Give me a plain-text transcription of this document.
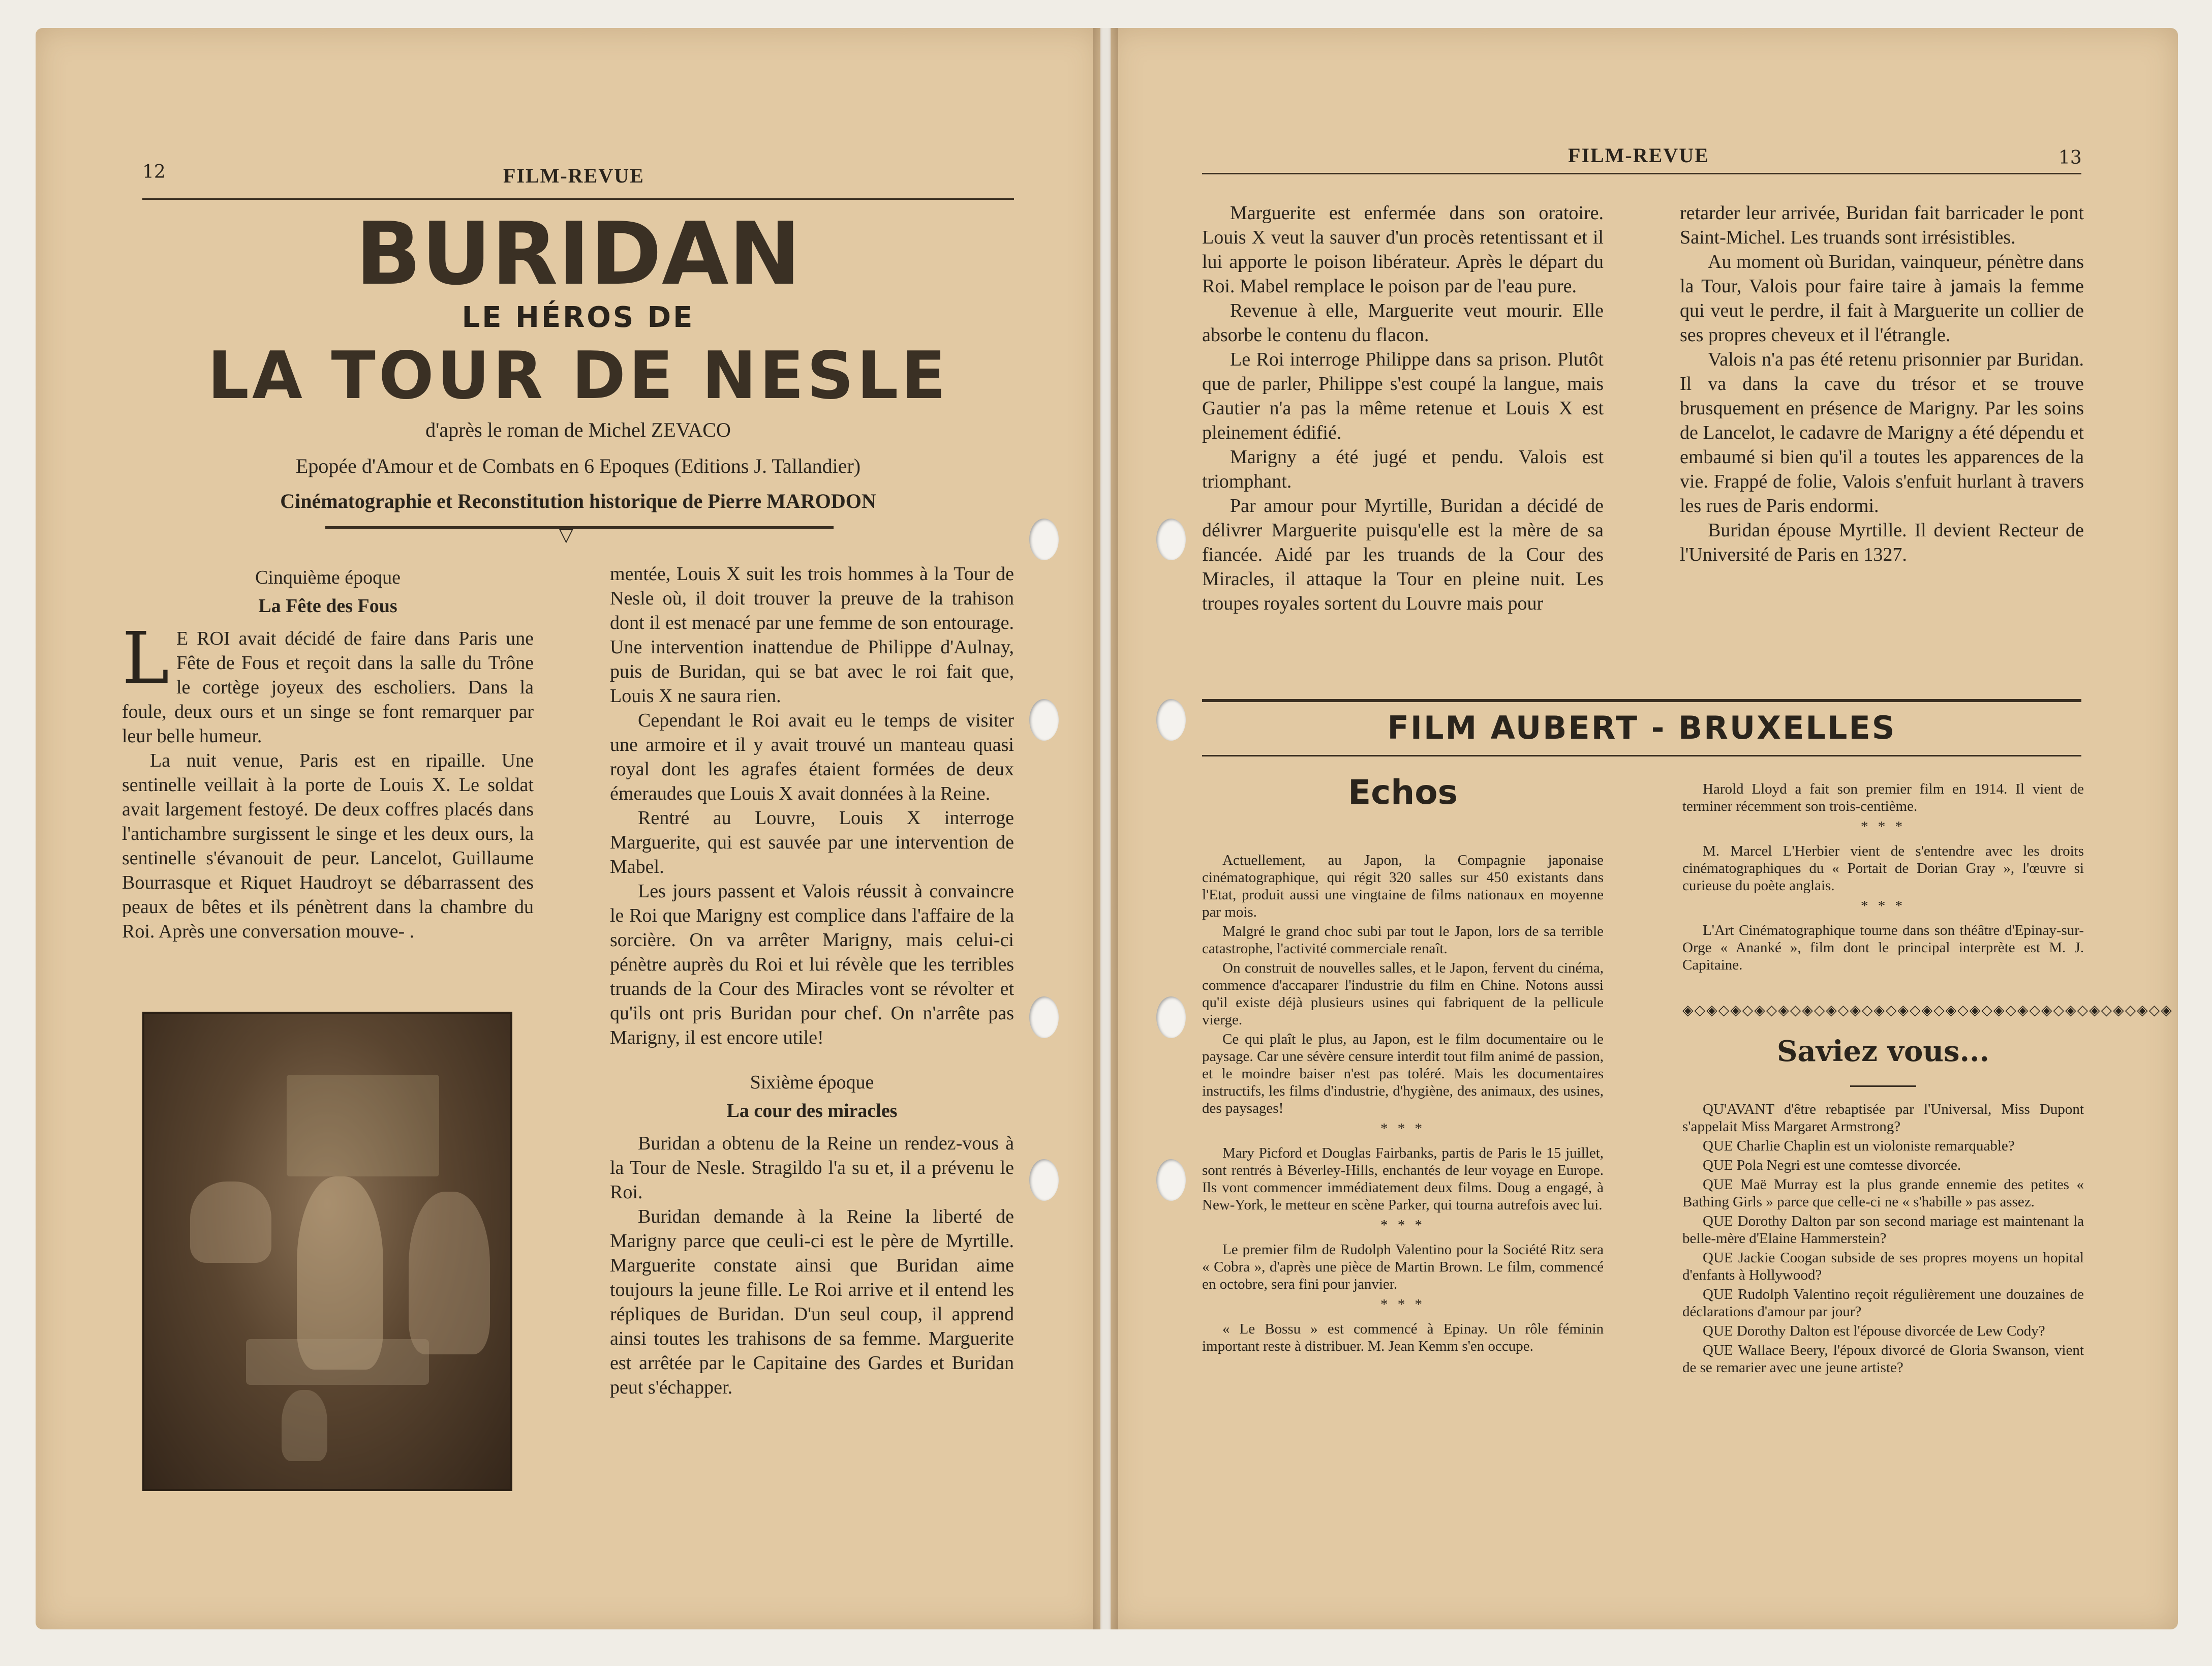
12	FILM-REVUE
BURIDAN
LE HÉROS DE
LA TOUR DE NESLE
d'après le roman de Michel ZEVACO
Epopée d'Amour et de Combats en 6 Epoques (Editions J. Tallandier)
Cinématographie et Reconstitution historique de Pierre MARODON
▽
Cinquième époque
La Fête des Fous
L E ROI avait décidé de faire dans Paris une Fête de Fous et reçoit dans la salle du Trône le cortège joyeux des escholiers. Dans la foule, deux ours et un singe se font remarquer par leur belle humeur.

La nuit venue, Paris est en ripaille. Une sentinelle veillait à la porte de Louis X. Le soldat avait largement festoyé. De deux coffres placés dans l'antichambre surgissent le singe et les deux ours, la sentinelle s'évanouit de peur. Lancelot, Guillaume Bourrasque et Riquet Haudroyt se débarrassent des peaux de bêtes et ils pénètrent dans la chambre du Roi. Après une conversation mouve- .

mentée, Louis X suit les trois hommes à la Tour de Nesle où, il doit trouver la preuve de la trahison dont il est menacé par une femme de son entourage. Une intervention inattendue de Philippe d'Aulnay, puis de Buridan, qui se bat avec le roi fait que, Louis X ne saura rien.

Cependant le Roi avait eu le temps de visiter une armoire et il y avait trouvé un manteau quasi royal dont les agrafes étaient formées de deux émeraudes que Louis X avait données à la Reine.

Rentré au Louvre, Louis X interroge Marguerite, qui est sauvée par une intervention de Mabel.

Les jours passent et Valois réussit à convaincre le Roi que Marigny est complice dans l'affaire de la sorcière. On va arrêter Marigny, mais celui-ci pénètre auprès du Roi et lui révèle que les terribles truands de la Cour des Miracles vont se révolter et qu'ils ont pris Buridan pour chef. On n'arrête pas Marigny, il est encore utile!

Sixième époque
La cour des miracles

Buridan a obtenu de la Reine un rendez-vous à la Tour de Nesle. Stragildo l'a su et, il a prévenu le Roi.

Buridan demande à la Reine la liberté de Marigny parce que ceuli-ci est le père de Myrtille. Marguerite constate ainsi que Buridan aime toujours la jeune fille. Le Roi arrive et il entend les répliques de Buridan. D'un seul coup, il apprend ainsi toutes les trahisons de sa femme. Marguerite est arrêtée par le Capitaine des Gardes et Buridan peut s'échapper.

FILM-REVUE	13

Marguerite est enfermée dans son oratoire. Louis X veut la sauver d'un procès retentissant et il lui apporte le poison libérateur. Après le départ du Roi. Mabel remplace le poison par de l'eau pure.

Revenue à elle, Marguerite veut mourir. Elle absorbe le contenu du flacon.

Le Roi interroge Philippe dans sa prison. Plutôt que de parler, Philippe s'est coupé la langue, mais Gautier n'a pas la même retenue et Louis X est pleinement édifié.

Marigny a été jugé et pendu. Valois est triomphant.

Par amour pour Myrtille, Buridan a décidé de délivrer Marguerite puisqu'elle est la mère de sa fiancée. Aidé par les truands de la Cour des Miracles, il attaque la Tour en pleine nuit. Les troupes royales sortent du Louvre mais pour

retarder leur arrivée, Buridan fait barricader le pont Saint-Michel. Les truands sont irrésistibles.

Au moment où Buridan, vainqueur, pénètre dans la Tour, Valois pour faire taire à jamais la femme qui veut le perdre, il fait à Marguerite un collier de ses propres cheveux et il l'étrangle.

Valois n'a pas été retenu prisonnier par Buridan. Il va dans la cave du trésor et se trouve brusquement en présence de Marigny. Par les soins de Lancelot, le cadavre de Marigny a été dépendu et embaumé si bien qu'il a toutes les apparences de la vie. Frappé de folie, Valois s'enfuit hurlant à travers les rues de Paris endormi.

Buridan épouse Myrtille. Il devient Recteur de l'Université de Paris en 1327.

FILM AUBERT - BRUXELLES
Echos

Actuellement, au Japon, la Compagnie japonaise cinématographique, qui régit 320 salles sur 450 existants dans l'Etat, produit aussi une vingtaine de films nationaux en moyenne par mois.

Malgré le grand choc subi par tout le Japon, lors de sa terrible catastrophe, l'activité commerciale renaît.

On construit de nouvelles salles, et le Japon, fervent du cinéma, commence d'accaparer l'industrie du film en Chine. Notons aussi qu'il existe déjà plusieurs usines qui fabriquent de la pellicule vierge.

Ce qui plaît le plus, au Japon, est le film documentaire ou le paysage. Car une sévère censure interdit tout film animé de passion, et le moindre baiser n'est pas toléré. Mais les documentaires instructifs, les films d'industrie, d'hygiène, des animaux, des usines, des paysages!

* * *

Mary Picford et Douglas Fairbanks, partis de Paris le 15 juillet, sont rentrés à Béverley-Hills, enchantés de leur voyage en Europe. Ils vont commencer immédiatement deux films. Doug a engagé, à New-York, le metteur en scène Parker, qui tourna autrefois avec lui.

* * *

Le premier film de Rudolph Valentino pour la Société Ritz sera « Cobra », d'après une pièce de Martin Brown. Le film, commencé en octobre, sera fini pour janvier.

* * *

« Le Bossu » est commencé à Epinay. Un rôle féminin important reste à distribuer. M. Jean Kemm s'en occupe.

Harold Lloyd a fait son premier film en 1914. Il vient de terminer récemment son trois-centième.

* * *

M. Marcel L'Herbier vient de s'entendre avec les droits cinématographiques du « Portait de Dorian Gray », l'œuvre si curieuse du poète anglais.

* * *

L'Art Cinématographique tourne dans son théâtre d'Epinay-sur-Orge « Ananké », film dont le principal interprète est M. J. Capitaine.

◈◇◈◇◈◇◈◇◈◇◈◇◈◇◈◇◈◇◈◇◈◇◈◇◈◇◈◇◈◇◈◇◈◇◈◇◈◇◈◇◈
Saviez vous...

QU'AVANT d'être rebaptisée par l'Universal, Miss Dupont s'appelait Miss Margaret Armstrong?

QUE Charlie Chaplin est un violoniste remarquable?

QUE Pola Negri est une comtesse divorcée.

QUE Maë Murray est la plus grande ennemie des petites « Bathing Girls » parce que celle-ci ne « s'habille » pas assez.

QUE Dorothy Dalton par son second mariage est maintenant la belle-mère d'Elaine Hammerstein?

QUE Jackie Coogan subside de ses propres moyens un hopital d'enfants à Hollywood?

QUE Rudolph Valentino reçoit régulièrement une douzaines de déclarations d'amour par jour?

QUE Dorothy Dalton est l'épouse divorcée de Lew Cody?

QUE Wallace Beery, l'époux divorcé de Gloria Swanson, vient de se remarier avec une jeune artiste?
